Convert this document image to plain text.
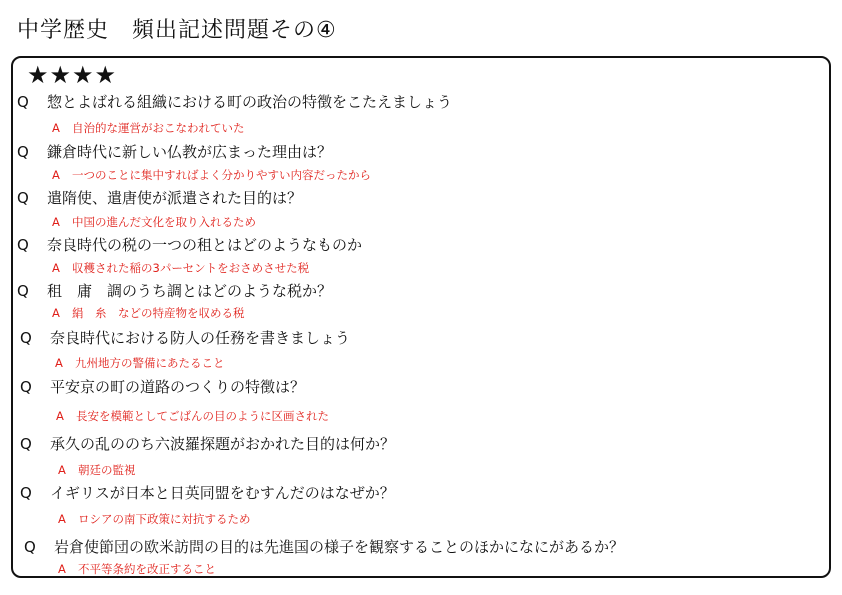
中学歴史　頻出記述問題その④
★★★★
Q 惣とよばれる組織における町の政治の特徴をこたえましょう
A 自治的な運営がおこなわれていた
Q 鎌倉時代に新しい仏教が広まった理由は？
A 一つのことに集中すればよく分かりやすい内容だったから
Q 遣隋使、遣唐使が派遣された目的は？
A 中国の進んだ文化を取り入れるため
Q 奈良時代の税の一つの租とはどのようなものか
A 収穫された稲の3パーセントをおさめさせた税
Q 租　庸　調のうち調とはどのような税か？
A 絹　糸　などの特産物を収める税
Q 奈良時代における防人の任務を書きましょう
A 九州地方の警備にあたること
Q 平安京の町の道路のつくりの特徴は？
A 長安を模範としてごばんの目のように区画された
Q 承久の乱ののち六波羅探題がおかれた目的は何か？
A 朝廷の監視
Q イギリスが日本と日英同盟をむすんだのはなぜか？
A ロシアの南下政策に対抗するため
Q 岩倉使節団の欧米訪問の目的は先進国の様子を観察することのほかになにがあるか？
A 不平等条約を改正すること
